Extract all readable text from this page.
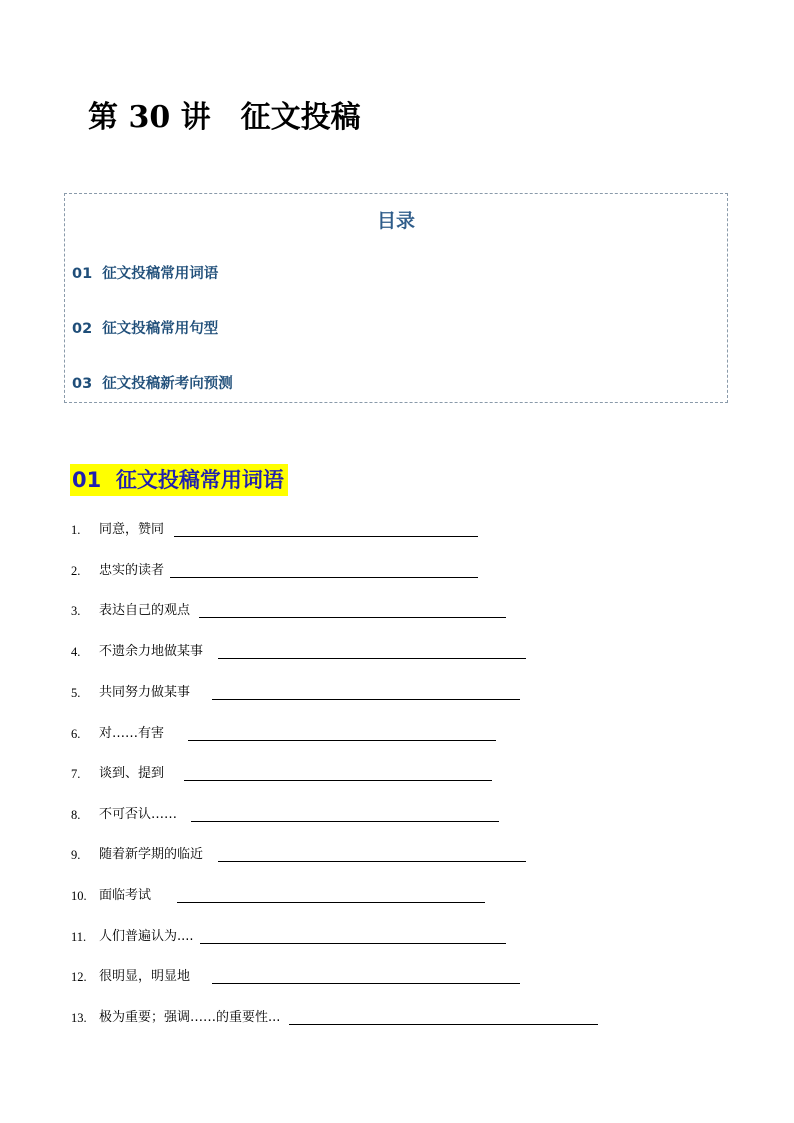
第 30 讲　征文投稿
目录
01  征文投稿常用词语
02  征文投稿常用句型
03  征文投稿新考向预测
01  征文投稿常用词语
1. 同意，赞同
2. 忠实的读者
3. 表达自己的观点
4. 不遗余力地做某事
5. 共同努力做某事
6. 对……有害
7. 谈到、提到
8. 不可否认……
9. 随着新学期的临近
10. 面临考试
11. 人们普遍认为....
12. 很明显，明显地
13. 极为重要；强调……的重要性...
